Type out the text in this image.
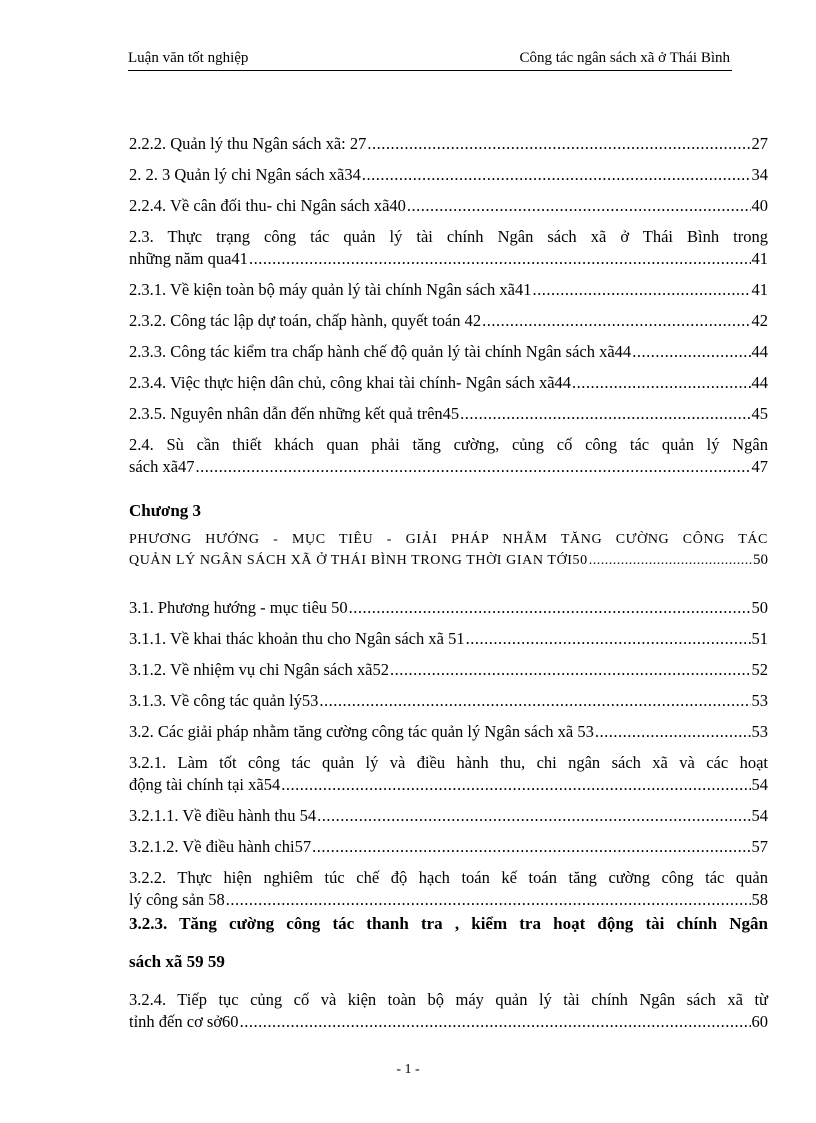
Luận văn tốt nghiệp	Công tác ngân sách xã ở Thái Bình
2.2.2. Quản lý thu Ngân sách xã: 27 .....	27
2. 2. 3 Quản lý chi Ngân sách xã34 .....	34
2.2.4. Về cân đối thu- chi Ngân sách xã40 .....	40
2.3. Thực trạng công tác quản lý tài chính Ngân sách xã ở Thái Bình trong
những năm qua41 .....	41
2.3.1. Về kiện toàn bộ máy quản lý tài chính Ngân sách xã41 .....	41
2.3.2. Công tác lập dự toán, chấp hành, quyết toán 42 .....	42
2.3.3. Công tác kiểm tra chấp hành chế độ quản lý tài chính Ngân sách xã44 .....	44
2.3.4. Việc thực hiện dân chủ, công khai tài chính- Ngân sách xã44 .....	44
2.3.5. Nguyên nhân dẫn đến những kết quả trên45 .....	45
2.4. Sù cần thiết khách quan phải tăng cường, củng cố công tác quản lý Ngân
sách xã47 .....	47
Chương 3
PHƯƠNG HƯỚNG - MỤC TIÊU - GIẢI PHÁP NHẰM TĂNG CƯỜNG CÔNG TÁC
QUẢN LÝ NGÂN SÁCH XÃ Ở THÁI BÌNH TRONG THỜI GIAN TỚI50 .....	50
3.1. Phương hướng - mục tiêu 50 .....	50
3.1.1. Về khai thác khoản thu cho Ngân sách xã 51 .....	51
3.1.2. Về nhiệm vụ chi Ngân sách xã52 .....	52
3.1.3. Về công tác quản lý53 .....	53
3.2. Các giải pháp nhằm tăng cường công tác quản lý Ngân sách xã 53 .....	53
3.2.1. Làm tốt công tác quản lý và điều hành thu, chi ngân sách xã và các hoạt
động tài chính tại xã54 .....	54
3.2.1.1. Về điều hành thu 54 .....	54
3.2.1.2. Về điều hành chi57 .....	57
3.2.2. Thực hiện nghiêm túc chế độ hạch toán kế toán tăng cường công tác quản
lý công sản 58 .....	58
3.2.3. Tăng cường công tác thanh tra , kiểm tra hoạt động tài chính Ngân
sách xã 59 59
3.2.4. Tiếp tục củng cố và kiện toàn bộ máy quản lý tài chính Ngân sách xã từ
tỉnh đến cơ sở60 .....	60
- 1 -
